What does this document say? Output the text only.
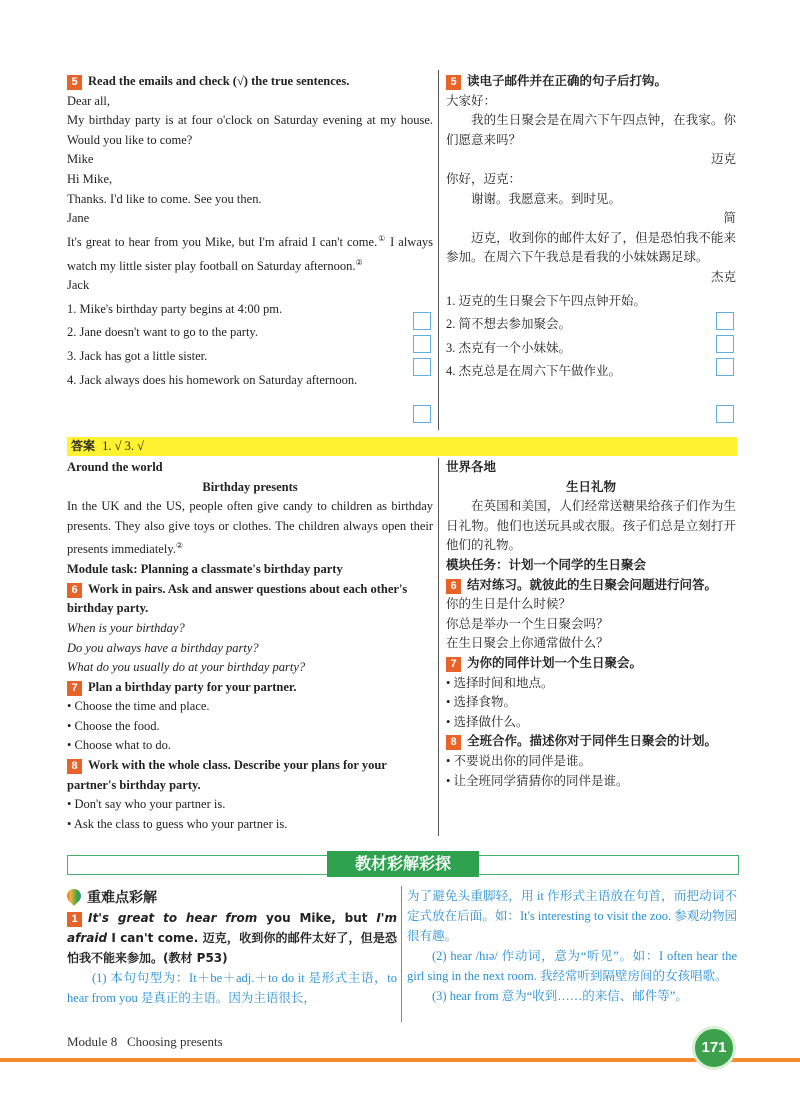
5 Read the emails and check (√) the true sentences.
Dear all,
My birthday party is at four o'clock on Saturday evening at my house. Would you like to come?
Mike
Hi Mike,
Thanks. I'd like to come. See you then.
Jane
It's great to hear from you Mike, but I'm afraid I can't come.① I always watch my little sister play football on Saturday afternoon.②
Jack
1. Mike's birthday party begins at 4:00 pm.
2. Jane doesn't want to go to the party.
3. Jack has got a little sister.
4. Jack always does his homework on Saturday afternoon.
5 读电子邮件并在正确的句子后打钩。
大家好：
我的生日聚会是在周六下午四点钟，在我家。你们愿意来吗？
迈克
你好，迈克：
谢谢。我愿意来。到时见。
简
迈克，收到你的邮件太好了，但是恐怕我不能来参加。在周六下午我总是看我的小妹妹踢足球。
杰克
1. 迈克的生日聚会下午四点钟开始。
2. 简不想去参加聚会。
3. 杰克有一个小妹妹。
4. 杰克总是在周六下午做作业。
答案 1. √ 3. √
Around the world
Birthday presents
In the UK and the US, people often give candy to children as birthday presents. They also give toys or clothes. The children always open their presents immediately.②
Module task: Planning a classmate's birthday party
6 Work in pairs. Ask and answer questions about each other's birthday party.
When is your birthday?
Do you always have a birthday party?
What do you usually do at your birthday party?
7 Plan a birthday party for your partner.
• Choose the time and place.
• Choose the food.
• Choose what to do.
8 Work with the whole class. Describe your plans for your partner's birthday party.
• Don't say who your partner is.
• Ask the class to guess who your partner is.
世界各地
生日礼物
在英国和美国，人们经常送糖果给孩子们作为生日礼物。他们也送玩具或衣服。孩子们总是立刻打开他们的礼物。
模块任务：计划一个同学的生日聚会
6 结对练习。就彼此的生日聚会问题进行问答。
你的生日是什么时候？
你总是举办一个生日聚会吗？
在生日聚会上你通常做什么？
7 为你的同伴计划一个生日聚会。
• 选择时间和地点。
• 选择食物。
• 选择做什么。
8 全班合作。描述你对于同伴生日聚会的计划。
• 不要说出你的同伴是谁。
• 让全班同学猜猜你的同伴是谁。
教材彩解彩探
重难点彩解
1 It's great to hear from you Mike, but I'm afraid I can't come. 迈克，收到你的邮件太好了，但是恐怕我不能来参加。(教材 P53)
(1) 本句句型为：It＋be＋adj.＋to do it 是形式主语，to hear from you 是真正的主语。因为主语很长，
为了避免头重脚轻，用 it 作形式主语放在句首，而把动词不定式放在后面。如：It's interesting to visit the zoo. 参观动物园很有趣。
(2) hear /hɪə/ 作动词，意为“听见”。如：I often hear the girl sing in the next room. 我经常听到隔壁房间的女孩唱歌。
(3) hear from 意为“收到……的来信、邮件等”。
Module 8 Choosing presents	171
